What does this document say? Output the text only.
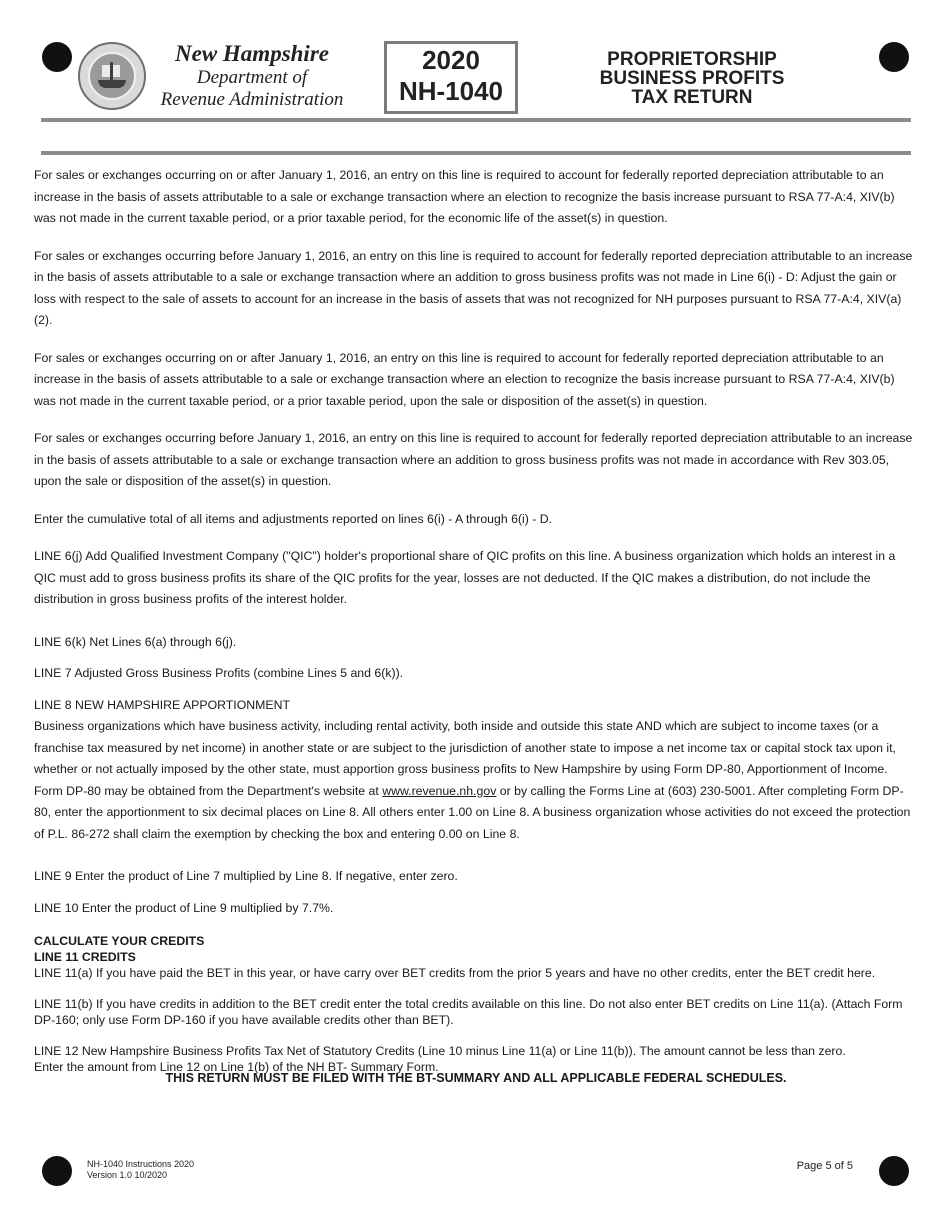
New Hampshire
Department of
Revenue Administration
2020
NH-1040
PROPRIETORSHIP
BUSINESS PROFITS
TAX RETURN

For sales or exchanges occurring on or after January 1, 2016, an entry on this line is required to account for federally reported depreciation attributable to an increase in the basis of assets attributable to a sale or exchange transaction where an election to recognize the basis increase pursuant to RSA 77-A:4, XIV(b) was not made in the current taxable period, or a prior taxable period, for the economic life of the asset(s) in question.

For sales or exchanges occurring before January 1, 2016, an entry on this line is required to account for federally reported depreciation attributable to an increase in the basis of assets attributable to a sale or exchange transaction where an addition to gross business profits was not made in Line 6(i) - D: Adjust the gain or loss with respect to the sale of assets to account for an increase in the basis of assets that was not recognized for NH purposes pursuant to RSA 77-A:4, XIV(a)(2).

For sales or exchanges occurring on or after January 1, 2016, an entry on this line is required to account for federally reported depreciation attributable to an increase in the basis of assets attributable to a sale or exchange transaction where an election to recognize the basis increase pursuant to RSA 77-A:4, XIV(b) was not made in the current taxable period, or a prior taxable period, upon the sale or disposition of the asset(s) in question.

For sales or exchanges occurring before January 1, 2016, an entry on this line is required to account for federally reported depreciation attributable to an increase in the basis of assets attributable to a sale or exchange transaction where an addition to gross business profits was not made in accordance with Rev 303.05, upon the sale or disposition of the asset(s) in question.

Enter the cumulative total of all items and adjustments reported on lines 6(i) - A through 6(i) - D.

LINE 6(j) Add Qualified Investment Company ("QIC") holder's proportional share of QIC profits on this line. A business organization which holds an interest in a QIC must add to gross business profits its share of the QIC profits for the year, losses are not deducted. If the QIC makes a distribution, do not include the distribution in gross business profits of the interest holder.

LINE 6(k) Net Lines 6(a) through 6(j).

LINE 7 Adjusted Gross Business Profits (combine Lines 5 and 6(k)).

LINE 8 NEW HAMPSHIRE APPORTIONMENT

Business organizations which have business activity, including rental activity, both inside and outside this state AND which are subject to income taxes (or a franchise tax measured by net income) in another state or are subject to the jurisdiction of another state to impose a net income tax or capital stock tax upon it, whether or not actually imposed by the other state, must apportion gross business profits to New Hampshire by using Form DP-80, Apportionment of Income. Form DP-80 may be obtained from the Department's website at www.revenue.nh.gov or by calling the Forms Line at (603) 230-5001. After completing Form DP-80, enter the apportionment to six decimal places on Line 8. All others enter 1.00 on Line 8. A business organization whose activities do not exceed the protection of P.L. 86-272 shall claim the exemption by checking the box and entering 0.00 on Line 8.

LINE 9 Enter the product of Line 7 multiplied by Line 8. If negative, enter zero.

LINE 10 Enter the product of Line 9 multiplied by 7.7%.

CALCULATE YOUR CREDITS

LINE 11 CREDITS

LINE 11(a) If you have paid the BET in this year, or have carry over BET credits from the prior 5 years and have no other credits, enter the BET credit here.

LINE 11(b) If you have credits in addition to the BET credit enter the total credits available on this line. Do not also enter BET credits on Line 11(a). (Attach Form DP-160; only use Form DP-160 if you have available credits other than BET).

LINE 12 New Hampshire Business Profits Tax Net of Statutory Credits (Line 10 minus Line 11(a) or Line 11(b)). The amount cannot be less than zero.

Enter the amount from Line 12 on Line 1(b) of the NH BT- Summary Form.

THIS RETURN MUST BE FILED WITH THE BT-SUMMARY AND ALL APPLICABLE FEDERAL SCHEDULES.
NH-1040 Instructions 2020
Version 1.0 10/2020
Page 5 of 5
